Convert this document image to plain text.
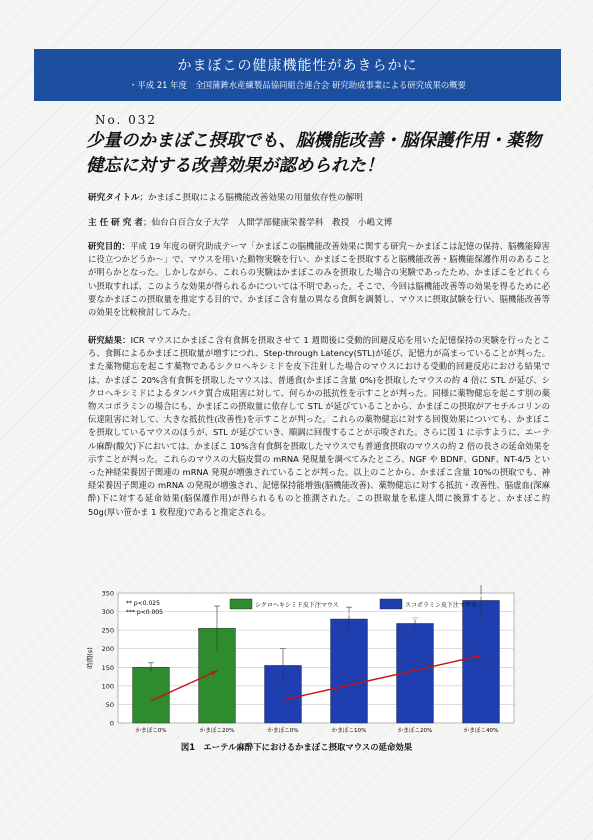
かまぼこの健康機能性があきらかに
・平成 21 年度　全国蒲鉾水産練製品協同組合連合会 研究助成事業による研究成果の概要
No. 032
少量のかまぼこ摂取でも、脳機能改善・脳保護作用・薬物健忘に対する改善効果が認められた！
研究タイトル；かまぼこ摂取による脳機能改善効果の用量依存性の解明
主 任 研 究 者；仙台白百合女子大学　人間学部健康栄養学科　教授　小嶋文博
研究目的：平成 19 年度の研究助成テーマ「かまぼこの脳機能改善効果に関する研究～かまぼこは記憶の保持、脳機能障害に役立つかどうか～」で、マウスを用いた動物実験を行い、かまぼこを摂取すると脳機能改善・脳機能保護作用のあることが明らかとなった。しかしながら、これらの実験はかまぼこのみを摂取した場合の実験であったため、かまぼこをどれくらい摂取すれば、このような効果が得られるかについては不明であった。そこで、今回は脳機能改善等の効果を得るために必要なかまぼこの摂取量を推定する目的で、かまぼこ含有量の異なる食餌を調製し、マウスに摂取試験を行い、脳機能改善等の効果を比較検討してみた。
研究結果：ICR マウスにかまぼこ含有食餌を摂取させて 1 週間後に受動的回避反応を用いた記憶保持の実験を行ったところ、食餌によるかまぼこ摂取量が増すにつれ、Step-through Latency(STL)が延び、記憶力が高まっていることが判った。また薬物健忘を起こす薬物であるシクロヘキシミドを皮下注射した場合のマウスにおける受動的回避反応における結果では、かまぼこ 20%含有食餌を摂取したマウスは、普通食(かまぼこ含量 0%)を摂取したマウスの約 4 倍に STL が延び、シクロヘキシミドによるタンパク質合成阻害に対して、何らかの抵抗性を示すことが判った。同様に薬物健忘を起こす別の薬物スコポラミンの場合にも、かまぼこの摂取量に依存して STL が延びていることから、かまぼこの摂取がアセチルコリンの伝達阻害に対して、大きな抵抗性(改善性)を示すことが判った。これらの薬物健忘に対する回復効果についても、かまぼこを摂取しているマウスのほうが、STL が延びていき、順調に回復することが示唆された。さらに図 1 に示すように、エーテル麻酔(酸欠)下においては、かまぼこ 10%含有食餌を摂取したマウスでも普通食摂取のマウスの約 2 倍の長さの延命効果を示すことが判った。これらのマウスの大脳皮質の mRNA 発現量を調べてみたところ、NGF や BDNF、GDNF、NT-4/5 といった神経栄養因子関連の mRNA 発現が増強されていることが判った。以上のことから、かまぼこ含量 10%の摂取でも、神経栄養因子関連の mRNA の発現が増強され、記憶保持能増強(脳機能改善)、薬物健忘に対する抵抗・改善性、脳虚血(深麻酔)下に対する延命効果(脳保護作用)が得られるものと推測された。この摂取量を私達人間に換算すると、かまぼこ約 50g(厚い笹かま 1 枚程度)であると推定される。
0
50
100
150
200
250
300
350
時間(s)
かまぼこ0%
**
かまぼこ20%	かまぼこ0%
***
かまぼこ10%
***
かまぼこ20%
***
かまぼこ40%
** p<0.025
*** p<0.005
シクロヘキシミド皮下注マウス	スコポラミン皮下注マウス
図1　エーテル麻酔下におけるかまぼこ摂取マウスの延命効果
